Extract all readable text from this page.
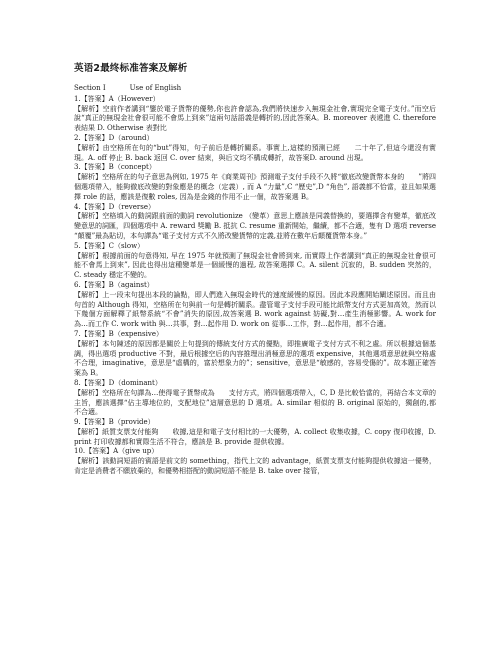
英语2最终标准答案及解析
Section I	Use of English
1.【答案】A（However）
【解析】空前作者講到“鑒於電子貨幣的優勢,你也許會認為,我們將快速步入無現金社會,實現完全電子支付。”而空后說“真正的無現金社會很可能不會馬上到來”這兩句話語義是轉折的,因此答案A。B. moreover 表遞進 C. therefore 表結果 D. Otherwise 表對比
2.【答案】D（around）
【解析】由空格所在句的“but”得知，句子前后是轉折關系。事實上,這樣的預測已經　　二十年了,但這今還沒有實現。A. off 停止 B. back 返回 C. over 結束，與后文均不構成轉折，故答案D. around 出現。
3.【答案】B（concept）
【解析】空格所在的句子意思為例如, 1975 年《商業周刊》預測電子支付手段不久將“徹底改變貨幣本身的　　”將四個選項帶入，能夠徹底改變的對象應是的概念（定義）, 而 A “力量”,C “歷史”,D “角色”, 語義都不恰當，並且如果選擇 role 的話，應該是復數 roles, 因為是金錢的作用不止一個，故答案選 B。
4.【答案】D（reverse）
【解析】空格填入的動詞跟前面的動詞 revolutionize （變革）意思上應該是同義替換的，要選擇含有變革，徹底改變意思的詞匯，四個選項中 A. reward 獎勵 B. 抵抗 C. resume 重新開始，繼續，都不合適，隻有 D 選項 reverse “顛覆”最為貼切，本句譯為“電子支付方式不久將改變貨幣的定義,並將在數年后顛覆貨幣本身。”
5.【答案】C（slow）
【解析】根據前面的句意得知, 早在 1975 年就預測了無現金社會將到來, 而實際上作者講到“真正的無現金社會很可能不會馬上到來”, 因此也得出這種變革是一個緩慢的過程, 故答案選擇 C。A. silent 沉寂的，B. sudden 突然的，C. steady 穩定不變的。
6.【答案】B（against）
【解析】上一段末句提出本段的論點，即人們進入無現金時代的速度緩慢的原因。因此本段應開始闡述原因。而且由句首的 Although 得知，空格所在句與前一句是轉折關系。盡管電子支付手段可能比紙幣支付方式更加高效，然而以下幾個方面解釋了紙幣系統“不會”消失的原因,故答案選 B. work against 妨礙,對…產生消極影響。A. work for 為…而工作 C. work with 與…共事，對…起作用 D. work on 從事…工作，對…起作用，都不合適。
7.【答案】B（expensive）
【解析】本句陳述的原因都是關於上句提到的傳統支付方式的優點，即推廣電子支付方式不利之處。所以根據這個基調，得出選項 productive 不對，最后根據空后的內容推理出消極意思的選項 expensive，其他選項意思就與空格處不合理，imaginative，意思是“虛構的，富於想象力的”；sensitive，意思是“敏感的，容易受傷的”。故本題正確答案為 B。
8.【答案】D（dominant）
【解析】空格所在句譯為…使得電子貨幣成為　　支付方式，將四個選項帶入，C, D 是比較恰當的，再結合本文章的主旨，應該選擇“佔主導地位的，支配地位”這層意思的 D 選項。A. similar 相似的 B. original 原始的，獨創的,都不合適。
9.【答案】B（provide）
【解析】紙質支票支付能夠　　收據,這是和電子支付相比的一大優勢，A. collect 收集收據，C. copy 復印收據，D. print 打印收據都和實際生活不符合，應該是 B. provide 提供收據。
10.【答案】A（give up）
【解析】該動詞短語的賓語是前文的 something，指代上文的 advantage，紙質支票支付能夠提供收據這一優勢，肯定是消費者不願放棄的，和優勢相搭配的動詞短語不能是 B. take over 接管，
